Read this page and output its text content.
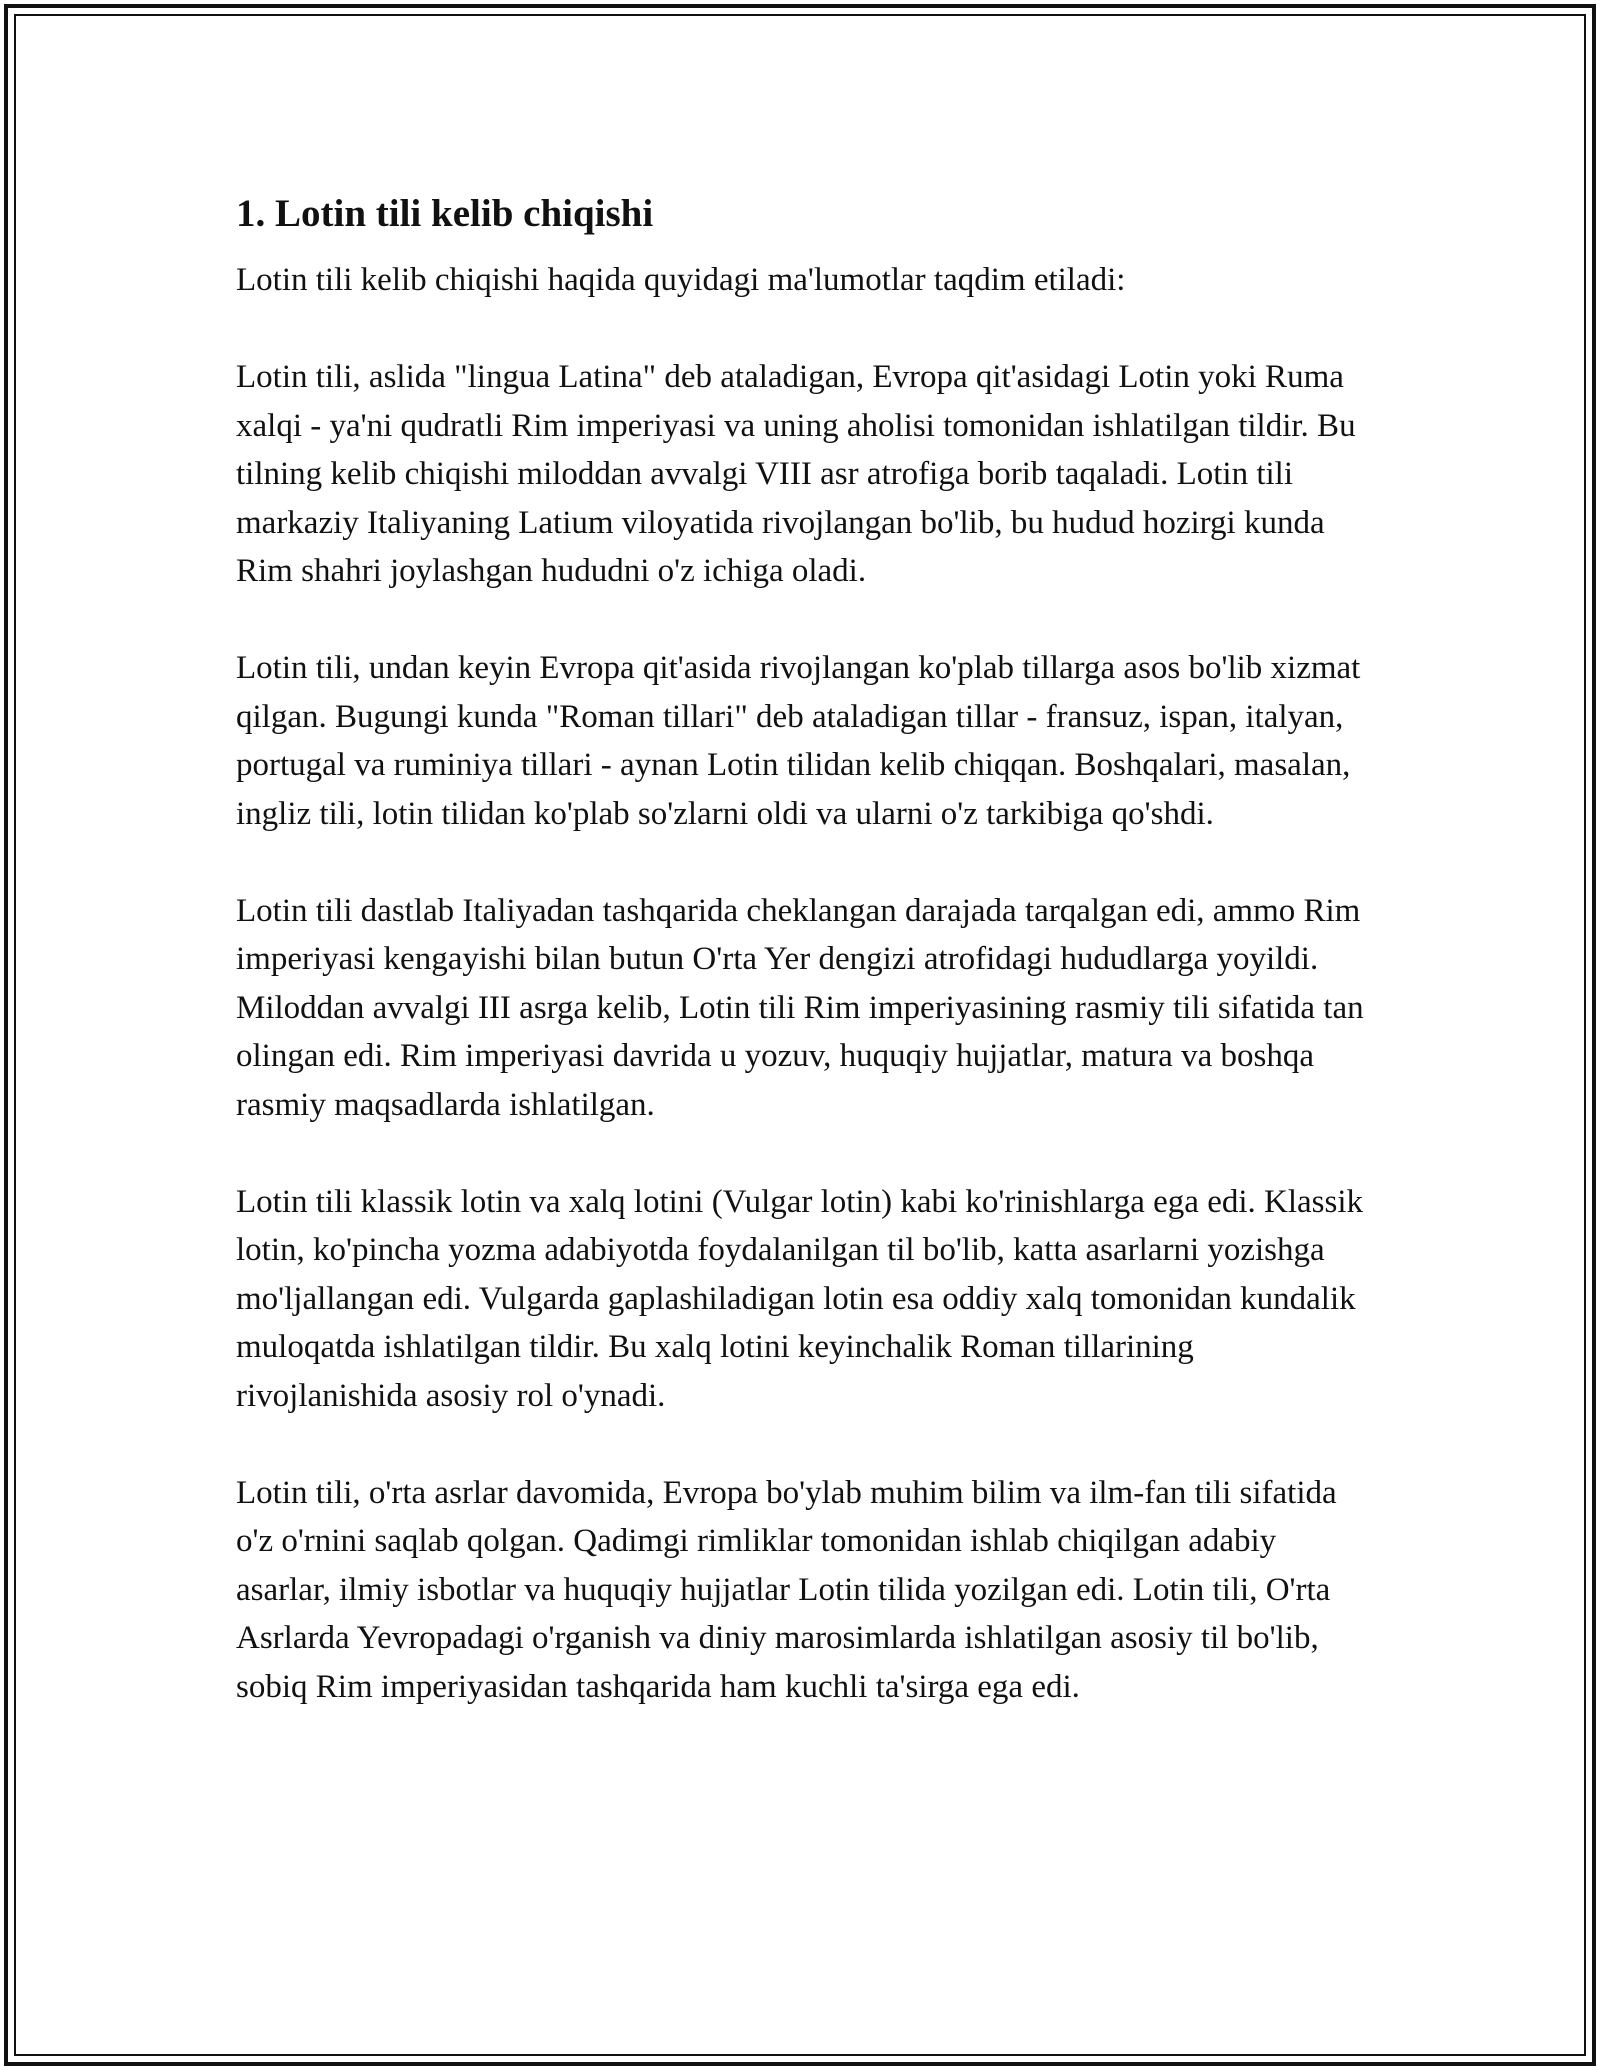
1. Lotin tili kelib chiqishi

Lotin tili kelib chiqishi haqida quyidagi ma'lumotlar taqdim etiladi:

Lotin tili, aslida "lingua Latina" deb ataladigan, Evropa qit'asidagi Lotin yoki Ruma xalqi - ya'ni qudratli Rim imperiyasi va uning aholisi tomonidan ishlatilgan tildir. Bu tilning kelib chiqishi miloddan avvalgi VIII asr atrofiga borib taqaladi. Lotin tili markaziy Italiyaning Latium viloyatida rivojlangan bo'lib, bu hudud hozirgi kunda Rim shahri joylashgan hududni o'z ichiga oladi.

Lotin tili, undan keyin Evropa qit'asida rivojlangan ko'plab tillarga asos bo'lib xizmat qilgan. Bugungi kunda "Roman tillari" deb ataladigan tillar - fransuz, ispan, italyan, portugal va ruminiya tillari - aynan Lotin tilidan kelib chiqqan. Boshqalari, masalan, ingliz tili, lotin tilidan ko'plab so'zlarni oldi va ularni o'z tarkibiga qo'shdi.

Lotin tili dastlab Italiyadan tashqarida cheklangan darajada tarqalgan edi, ammo Rim imperiyasi kengayishi bilan butun O'rta Yer dengizi atrofidagi hududlarga yoyildi. Miloddan avvalgi III asrga kelib, Lotin tili Rim imperiyasining rasmiy tili sifatida tan olingan edi. Rim imperiyasi davrida u yozuv, huquqiy hujjatlar, matura va boshqa rasmiy maqsadlarda ishlatilgan.

Lotin tili klassik lotin va xalq lotini (Vulgar lotin) kabi ko'rinishlarga ega edi. Klassik lotin, ko'pincha yozma adabiyotda foydalanilgan til bo'lib, katta asarlarni yozishga mo'ljallangan edi. Vulgarda gaplashiladigan lotin esa oddiy xalq tomonidan kundalik muloqatda ishlatilgan tildir. Bu xalq lotini keyinchalik Roman tillarining rivojlanishida asosiy rol o'ynadi.

Lotin tili, o'rta asrlar davomida, Evropa bo'ylab muhim bilim va ilm-fan tili sifatida o'z o'rnini saqlab qolgan. Qadimgi rimliklar tomonidan ishlab chiqilgan adabiy asarlar, ilmiy isbotlar va huquqiy hujjatlar Lotin tilida yozilgan edi. Lotin tili, O'rta Asrlarda Yevropadagi o'rganish va diniy marosimlarda ishlatilgan asosiy til bo'lib, sobiq Rim imperiyasidan tashqarida ham kuchli ta'sirga ega edi.
